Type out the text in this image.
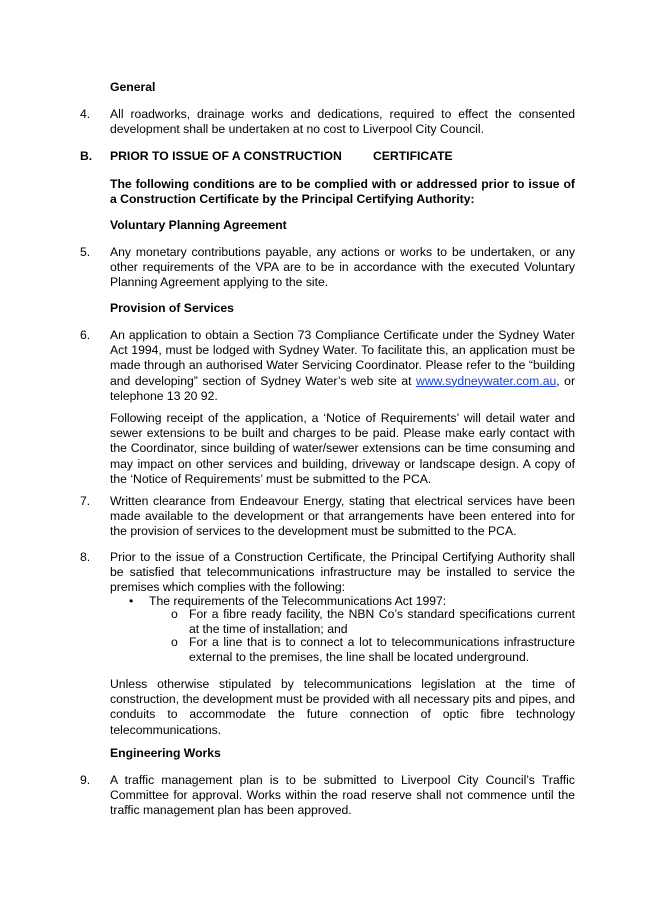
General

4. All roadworks, drainage works and dedications, required to effect the consented development shall be undertaken at no cost to Liverpool City Council.

B. PRIOR TO ISSUE OF A CONSTRUCTION	CERTIFICATE

The following conditions are to be complied with or addressed prior to issue of a Construction Certificate by the Principal Certifying Authority:

Voluntary Planning Agreement

5. Any monetary contributions payable, any actions or works to be undertaken, or any other requirements of the VPA are to be in accordance with the executed Voluntary Planning Agreement applying to the site.

Provision of Services

6. An application to obtain a Section 73 Compliance Certificate under the Sydney Water Act 1994, must be lodged with Sydney Water. To facilitate this, an application must be made through an authorised Water Servicing Coordinator. Please refer to the “building and developing” section of Sydney Water’s web site at www.sydneywater.com.au, or telephone 13 20 92.

Following receipt of the application, a ‘Notice of Requirements’ will detail water and sewer extensions to be built and charges to be paid. Please make early contact with the Coordinator, since building of water/sewer extensions can be time consuming and may impact on other services and building, driveway or landscape design. A copy of the ‘Notice of Requirements’ must be submitted to the PCA.

7. Written clearance from Endeavour Energy, stating that electrical services have been made available to the development or that arrangements have been entered into for the provision of services to the development must be submitted to the PCA.

8. Prior to the issue of a Construction Certificate, the Principal Certifying Authority shall be satisfied that telecommunications infrastructure may be installed to service the premises which complies with the following:

• The requirements of the Telecommunications Act 1997:

o For a fibre ready facility, the NBN Co’s standard specifications current at the time of installation; and

o For a line that is to connect a lot to telecommunications infrastructure external to the premises, the line shall be located underground.

Unless otherwise stipulated by telecommunications legislation at the time of construction, the development must be provided with all necessary pits and pipes, and conduits to accommodate the future connection of optic fibre technology telecommunications.

Engineering Works

9. A traffic management plan is to be submitted to Liverpool City Council’s Traffic Committee for approval. Works within the road reserve shall not commence until the traffic management plan has been approved.
